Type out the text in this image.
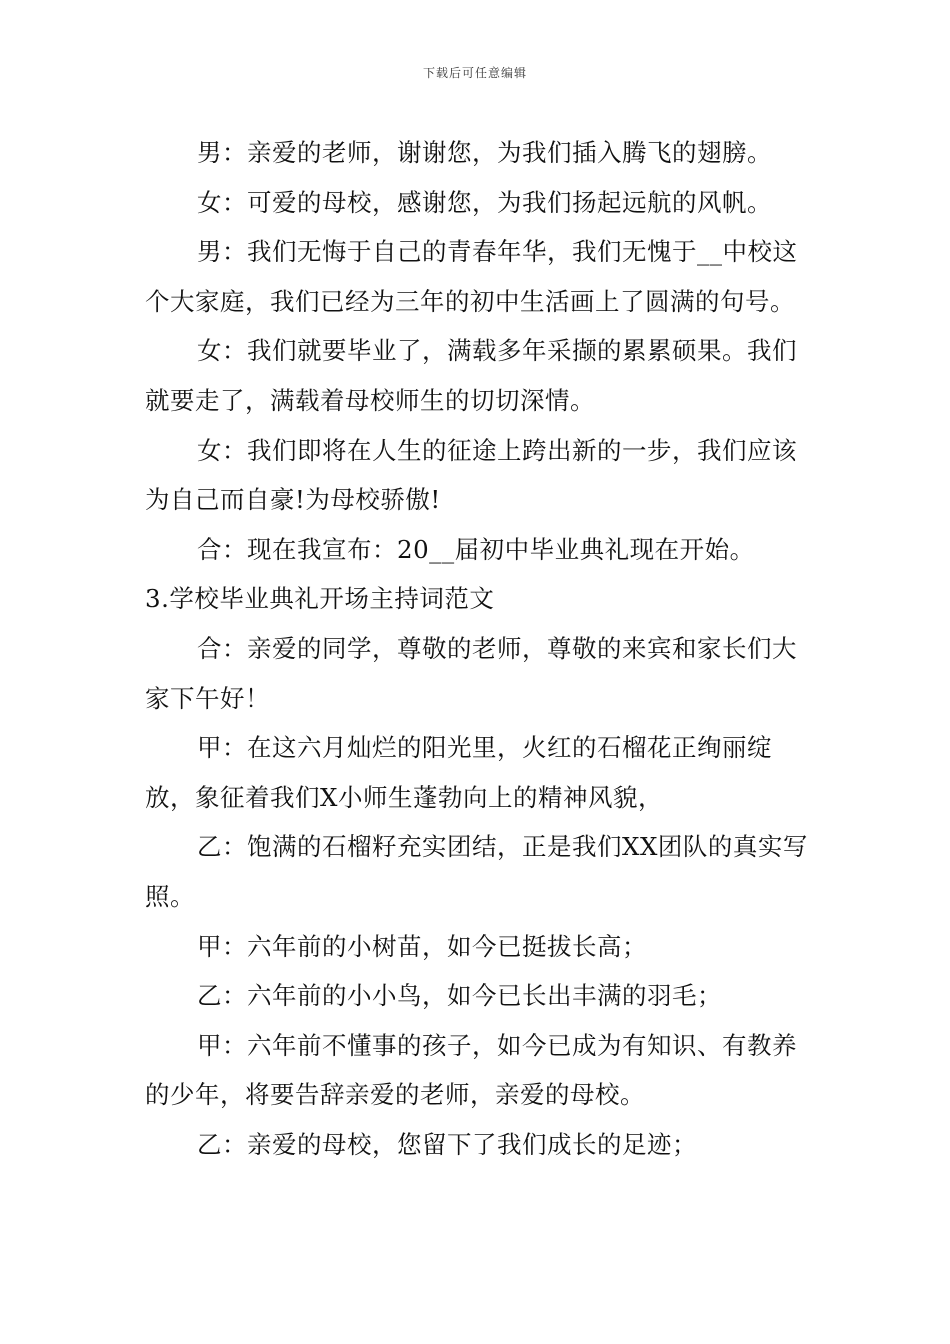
下载后可任意编辑

男：亲爱的老师，谢谢您，为我们插入腾飞的翅膀。

女：可爱的母校，感谢您，为我们扬起远航的风帆。

男：我们无悔于自己的青春年华，我们无愧于__中校这个大家庭，我们已经为三年的初中生活画上了圆满的句号。

女：我们就要毕业了，满载多年采撷的累累硕果。我们就要走了，满载着母校师生的切切深情。

女：我们即将在人生的征途上跨出新的一步，我们应该为自己而自豪!为母校骄傲!

合：现在我宣布：20__届初中毕业典礼现在开始。

3.学校毕业典礼开场主持词范文

合：亲爱的同学，尊敬的老师，尊敬的来宾和家长们大家下午好！

甲：在这六月灿烂的阳光里，火红的石榴花正绚丽绽放，象征着我们X小师生蓬勃向上的精神风貌，

乙：饱满的石榴籽充实团结，正是我们XX团队的真实写照。

甲：六年前的小树苗，如今已挺拔长高；

乙：六年前的小小鸟，如今已长出丰满的羽毛；

甲：六年前不懂事的孩子，如今已成为有知识、有教养的少年，将要告辞亲爱的老师，亲爱的母校。

乙：亲爱的母校，您留下了我们成长的足迹；
